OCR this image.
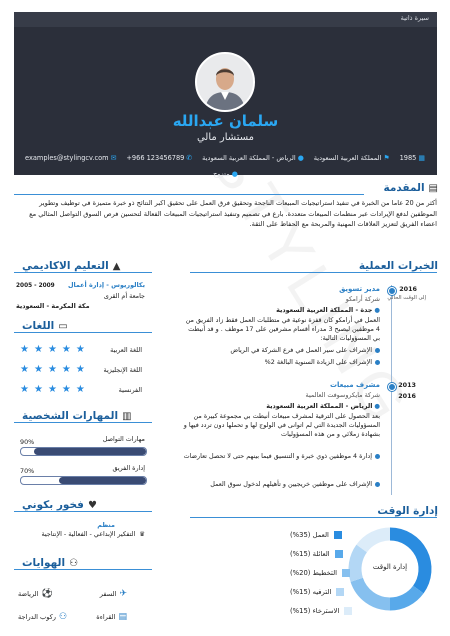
سيرة ذاتية
سلمان عبدالله
مستشار مالي
▦
1985
⚑
المملكة العربية السعودية
●
الرياض - المملكة العربية السعودية
✆
+966 123456789
✉
examples@stylingcv.com
● متزوج
▤
المقدمة
أكثر من 20 عاما من الخبرة في تنفيذ استراتيجيات المبيعات الناجحة وتحقيق فرق العمل على تحقيق اكبر النتائج ذو خبرة متميزة في توظيف وتطوير الموظفين لدفع الإيرادات عبر منظمات المبيعات متعددة. بارع في تصميم وتنفيذ استراتيجيات المبيعات الفعالة لتحسين فرص السوق التواصل المثالي مع اعضاء الفريق لتعزيز العلاقات المهنية والمربحة مع الحفاظ على الثقة.
الخبرات العملية
2016
إلى الوقت الحالي
مدير تسويق
شركة أرامكو
●
جدة - المملكة العربية السعودية
العمل في أرامكو كان قفزة نوعية في متطلبات العمل فقط زاد الفريق من 4 موظفين ليصبح 3 مدراء أقسام مشرفين على 17 موظف . و قد أنيطت بي المسؤوليات التالية:
الإشراف على سير العمل في فرع الشركة في الرياض
الإشراف على الزيادة السنوية البالغة 2%
2013
2016
مشرف مبيعات
شركة مايكروسوفت العالمية
●
الرياض - المملكة العربية السعودية
بعد الحصول على الترقية لمشرف مبيعات أنيطت بي مجموعة كبيرة من المسؤوليات الجديدة التي لم اتوانى في الولوج لها و تحملها دون تردد فيها و بشهادة زملائي و من هذه المسؤوليات
إدارة 4 موظفين ذوي خبرة و التنسيق فيما بينهم حتى لا تحصل تعارضات
الإشراف على موظفين خريجيين و تأهيلهم لدخول سوق العمل
إدارة الوقت
إدارة الوقت
العمل (35%)
العائلة (15%)
التخطيط (20%)
الترفيه (15%)
الاسترخاء (15%)
▲
التعليم الاكاديمي
بكالوريوس - إدارة أعمال
2005 - 2009
جامعة أم القرى
مكة المكرمة - السعودية
▭
اللغات
اللغة العربية
★ ★ ★ ★ ★
اللغة الإنجليزية
★ ★ ★ ★ ★
الفرنسية
★ ★ ★ ★ ★
▥
المهارات الشخصية
مهارات التواصل
90%
إدارة الفريق
70%
♥
فخور بكوني
منظم
♛
التفكير الإبداعي - الفعالية - الإنتاجية
⚇
الهوايات
✈
السفر
⚽
الرياضة
▤
القراءة
⚇
ركوب الدراجة
